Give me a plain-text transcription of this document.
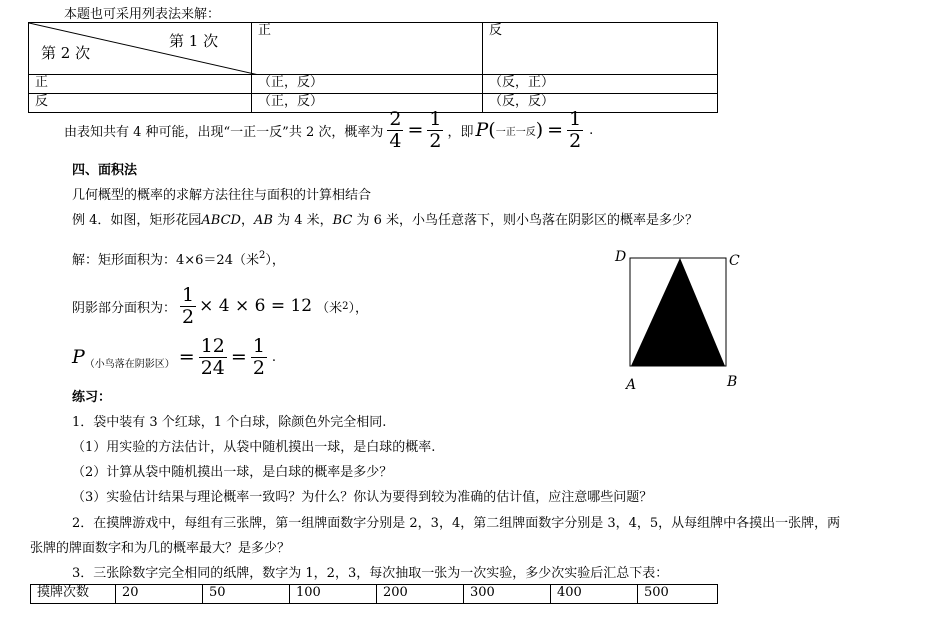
本题也可采用列表法来解：
第 1 次
第 2 次	正	反
正	（正，反）	（反，正）
反	（正，反）	（反，反）
由表知共有 4 种可能，出现“一正一反”共 2 次，概率为 $\frac{2}{4} = \frac{1}{2}$ ，即 P ( 一正一反 ) = $\frac{1}{2}$ .
四、面积法
几何概型的概率的求解方法往往与面积的计算相结合
例 4．如图，矩形花园ABCD，AB 为 4 米，BC 为 6 米，小鸟任意落下，则小鸟落在阴影区的概率是多少？
解：矩形面积为：4×6＝24（米$^2$），
阴影部分面积为： $\frac{1}{2} \times 4 \times 6 = 12$ （米 2 ），
P （小鸟落在阴影区） = $\frac{12}{24} = \frac{1}{2}$ .
D	C
A	B
练习：
1．袋中装有 3 个红球，1 个白球，除颜色外完全相同.
（1）用实验的方法估计，从袋中随机摸出一球，是白球的概率.
（2）计算从袋中随机摸出一球，是白球的概率是多少？
（3）实验估计结果与理论概率一致吗？为什么？你认为要得到较为准确的估计值，应注意哪些问题？
2．在摸牌游戏中，每组有三张牌，第一组牌面数字分别是 2，3，4，第二组牌面数字分别是 3，4，5，从每组牌中各摸出一张牌，两
张牌的牌面数字和为几的概率最大？是多少？
3．三张除数字完全相同的纸牌，数字为 1，2，3，每次抽取一张为一次实验，多少次实验后汇总下表：
摸牌次数	20	50	100	200	300	400	500
